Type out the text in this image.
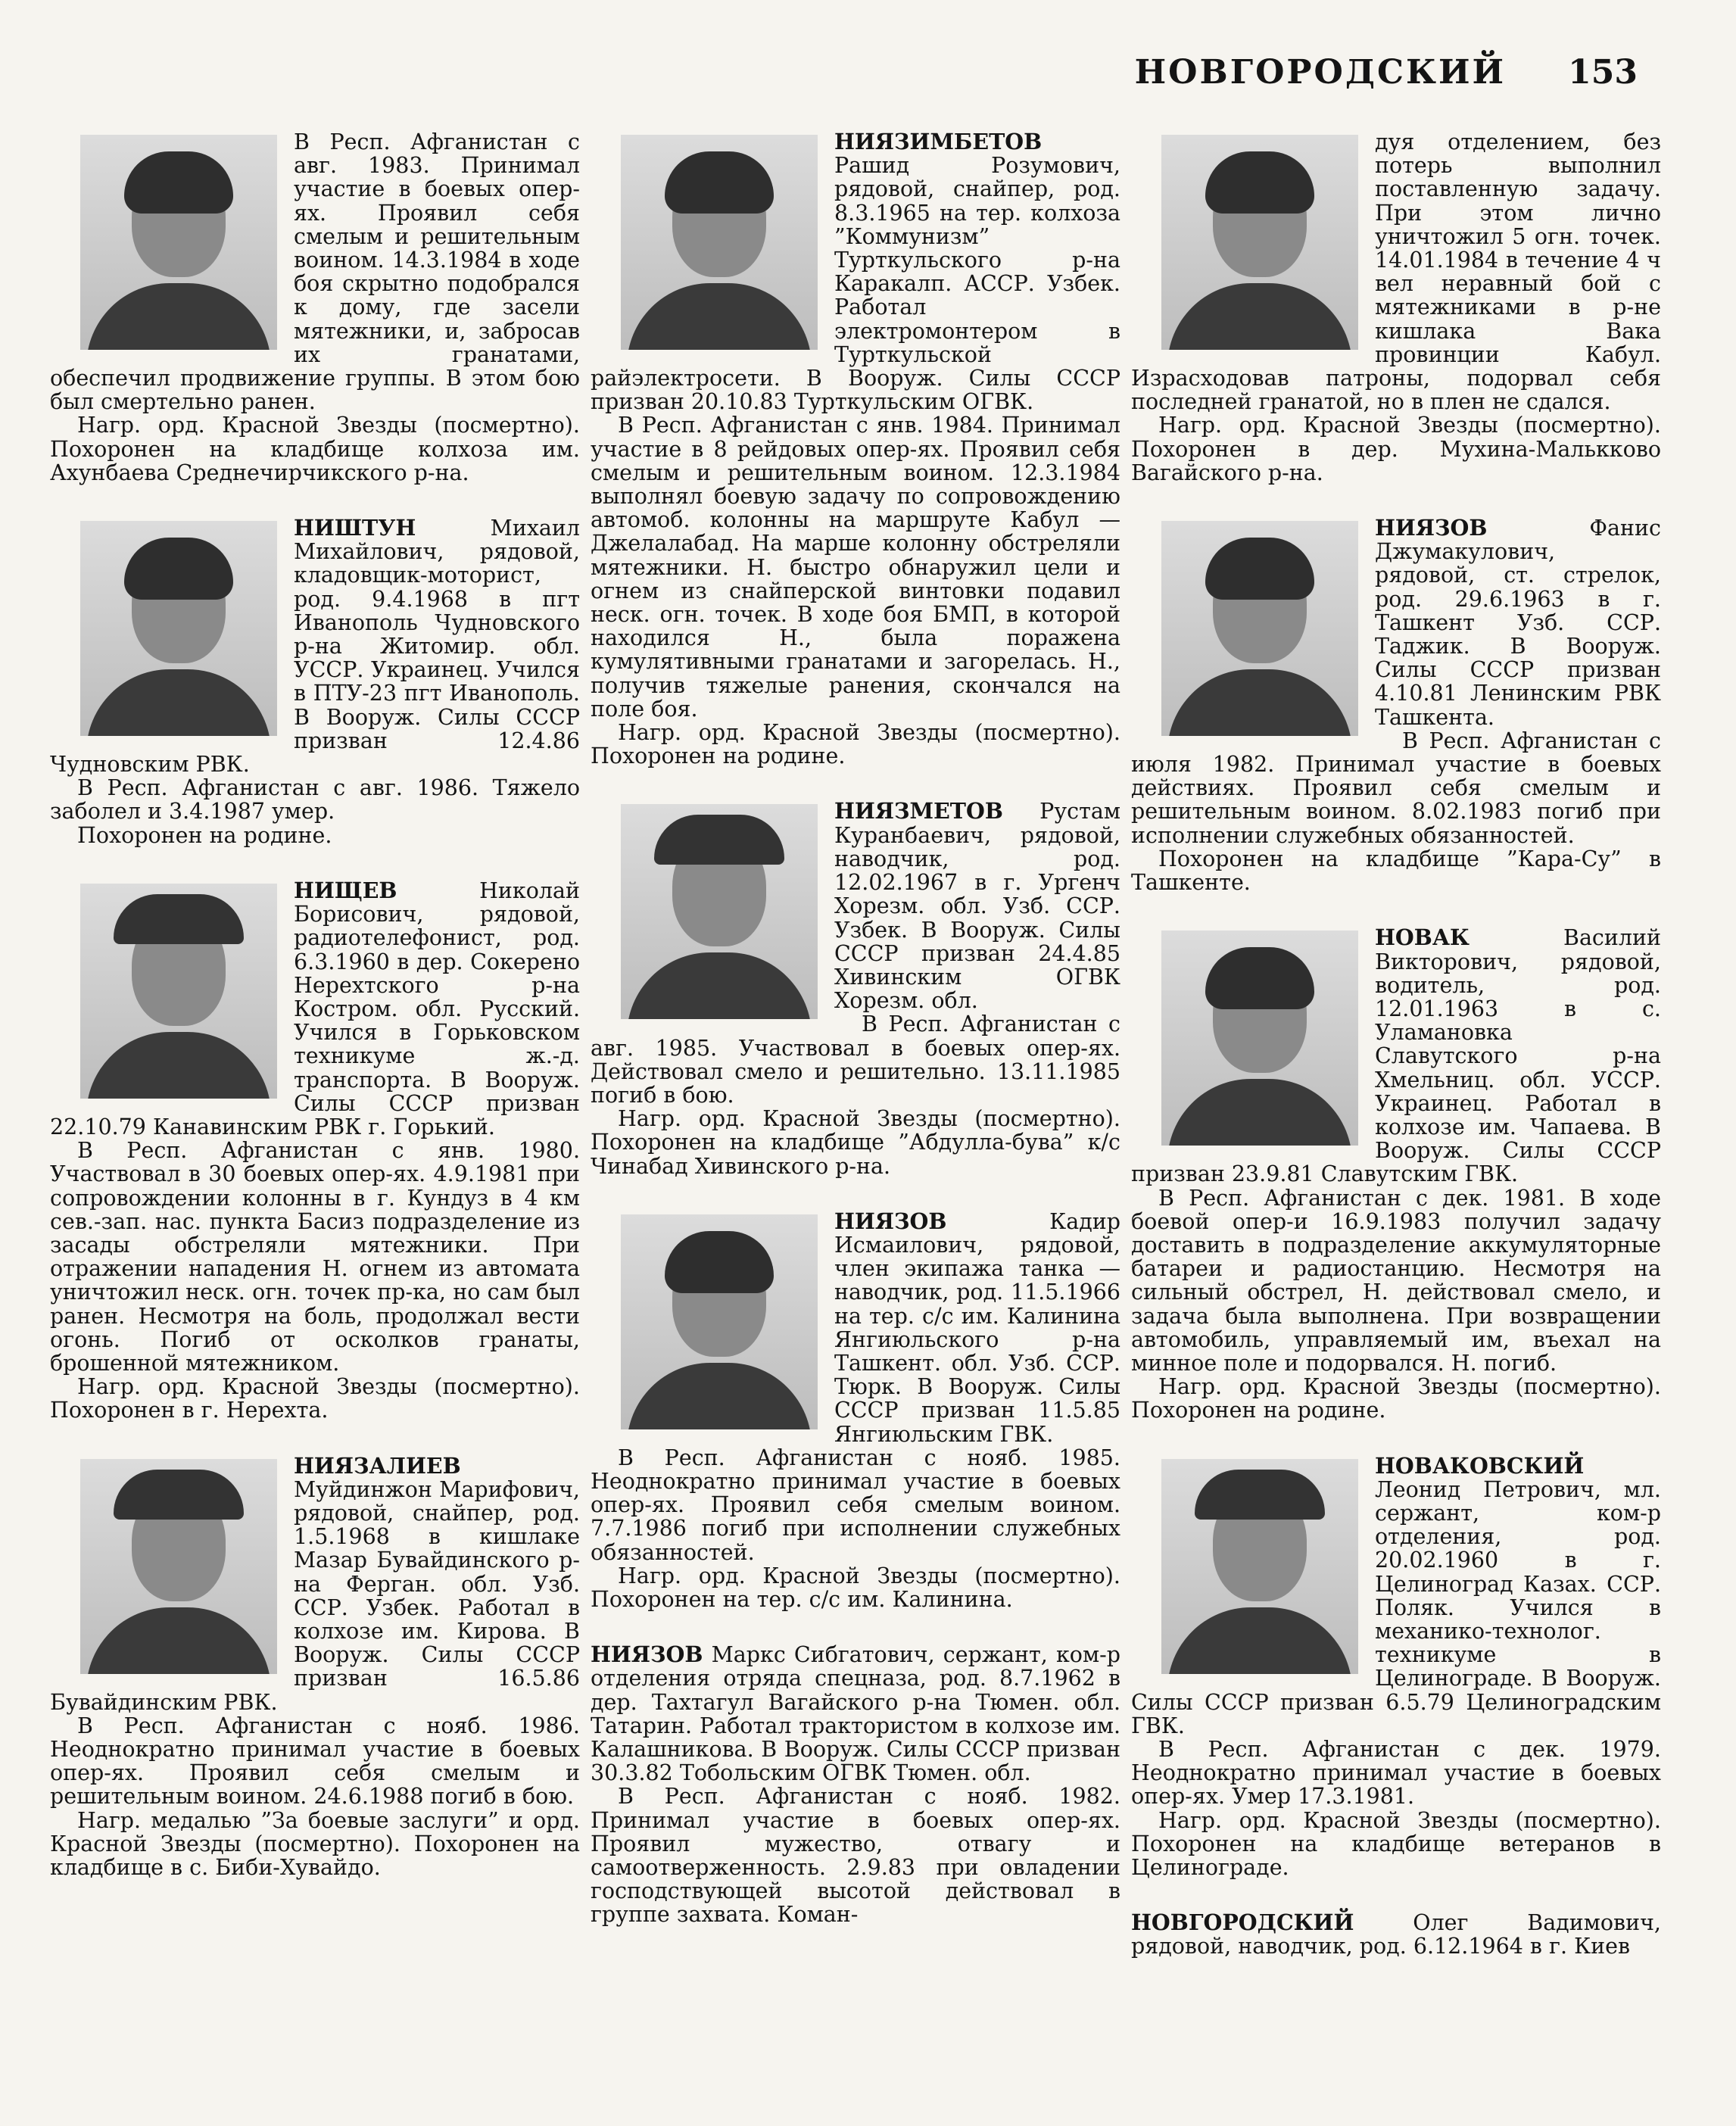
НОВГОРОДСКИЙ 153

В Респ. Афганистан с авг. 1983. Принимал участие в боевых опер-ях. Проявил себя смелым и решительным воином. 14.3.1984 в ходе боя скрытно подобрался к дому, где засели мятежники, и, забросав их гранатами, обеспечил продвижение группы. В этом бою был смертельно ранен.

Нагр. орд. Красной Звезды (посмертно). Похоронен на кладбище колхоза им. Ахунбаева Среднечирчикского р-на.

НИШТУН	Михаил Михайлович, рядовой, кладовщик-моторист, род. 9.4.1968 в пгт Иванополь Чудновского р-на Житомир. обл. УССР. Украинец. Учился в ПТУ-23 пгт Иванополь. В Вооруж. Силы СССР призван 12.4.86 Чудновским РВК.

В Респ. Афганистан с авг. 1986. Тяжело заболел и 3.4.1987 умер.

Похоронен на родине.

НИЩЕВ	Николай Борисович, рядовой, радиотелефонист, род. 6.3.1960 в дер. Сокерено Нерехтского р-на Костром. обл. Русский. Учился в Горьковском техникуме ж.-д. транспорта. В Вооруж. Силы СССР призван 22.10.79 Канавинским РВК г. Горький.

В Респ. Афганистан с янв. 1980. Участвовал в 30 боевых опер-ях. 4.9.1981 при сопровождении колонны в г. Кундуз в 4 км сев.-зап. нас. пункта Басиз подразделение из засады обстреляли мятежники. При отражении нападения Н. огнем из автомата уничтожил неск. огн. точек пр-ка, но сам был ранен. Несмотря на боль, продолжал вести огонь. Погиб от осколков гранаты, брошенной мятежником.

Нагр. орд. Красной Звезды (посмертно). Похоронен в г. Нерехта.

НИЯЗАЛИЕВ Муйдинжон Марифович, рядовой, снайпер, род. 1.5.1968 в кишлаке Мазар Бувайдинского р-на Ферган. обл. Узб. ССР. Узбек. Работал в колхозе им. Кирова. В Вооруж. Силы СССР призван 16.5.86 Бувайдинским РВК.

В Респ. Афганистан с нояб. 1986. Неоднократно принимал участие в боевых опер-ях. Проявил себя смелым и решительным воином. 24.6.1988 погиб в бою.

Нагр. медалью ”За боевые заслуги” и орд. Красной Звезды (посмертно). Похоронен на кладбище в с. Биби-Хувайдо.

НИЯЗИМБЕТОВ Рашид Розумович, рядовой, снайпер, род. 8.3.1965 на тер. колхоза ”Коммунизм” Турткульского р-на Каракалп. АССР. Узбек. Работал электромонтером в Турткульской райэлектросети. В Вооруж. Силы СССР призван 20.10.83 Турткульским ОГВК.

В Респ. Афганистан с янв. 1984. Принимал участие в 8 рейдовых опер-ях. Проявил себя смелым и решительным воином. 12.3.1984 выполнял боевую задачу по сопровождению автомоб. колонны на маршруте Кабул — Джелалабад. На марше колонну обстреляли мятежники. Н. быстро обнаружил цели и огнем из снайперской винтовки подавил неск. огн. точек. В ходе боя БМП, в которой находился Н., была поражена кумулятивными гранатами и загорелась. Н., получив тяжелые ранения, скончался на поле боя.

Нагр. орд. Красной Звезды (посмертно). Похоронен на родине.

НИЯЗМЕТОВ Рустам Куранбаевич, рядовой, наводчик, род. 12.02.1967 в г. Ургенч Хорезм. обл. Узб. ССР. Узбек. В Вооруж. Силы СССР призван 24.4.85 Хивинским ОГВК Хорезм. обл.

В Респ. Афганистан с авг. 1985. Участвовал в боевых опер-ях. Действовал смело и решительно. 13.11.1985 погиб в бою.

Нагр. орд. Красной Звезды (посмертно). Похоронен на кладбище ”Абдулла-бува” к/с Чинабад Хивинского р-на.

НИЯЗОВ	Кадир Исмаилович, рядовой, член экипажа танка — наводчик, род. 11.5.1966 на тер. с/с им. Калинина Янгиюльского р-на Ташкент. обл. Узб. ССР. Тюрк. В Вооруж. Силы СССР призван 11.5.85 Янгиюльским ГВК.

В Респ. Афганистан с нояб. 1985. Неоднократно принимал участие в боевых опер-ях. Проявил себя смелым воином. 7.7.1986 погиб при исполнении служебных обязанностей.

Нагр. орд. Красной Звезды (посмертно). Похоронен на тер. с/с им. Калинина.

НИЯЗОВ Маркс Сибгатович, сержант, ком-р отделения отряда спецназа, род. 8.7.1962 в дер. Тахтагул Вагайского р-на Тюмен. обл. Татарин. Работал трактористом в колхозе им. Калашникова. В Вооруж. Силы СССР призван 30.3.82 Тобольским ОГВК Тюмен. обл.

В Респ. Афганистан с нояб. 1982. Принимал участие в боевых опер-ях. Проявил мужество, отвагу и самоотверженность. 2.9.83 при овладении господствующей высотой действовал в группе захвата. Коман-

дуя отделением, без потерь выполнил поставленную задачу. При этом лично уничтожил 5 огн. точек. 14.01.1984 в течение 4 ч вел неравный бой с мятежниками в р-не кишлака Вака провинции Кабул. Израсходовав патроны, подорвал себя последней гранатой, но в плен не сдался.

Нагр. орд. Красной Звезды (посмертно). Похоронен в дер. Мухина-Малькково Вагайского р-на.

НИЯЗОВ	Фанис Джумакулович, рядовой, ст. стрелок, род. 29.6.1963 в г. Ташкент Узб. ССР. Таджик. В Вооруж. Силы СССР призван 4.10.81 Ленинским РВК Ташкента.

В Респ. Афганистан с июля 1982. Принимал участие в боевых действиях. Проявил себя смелым и решительным воином. 8.02.1983 погиб при исполнении служебных обязанностей.

Похоронен на кладбище ”Кара-Су” в Ташкенте.

НОВАК	Василий Викторович, рядовой, водитель, род. 12.01.1963 в с. Уламановка Славутского р-на Хмельниц. обл. УССР. Украинец. Работал в колхозе им. Чапаева. В Вооруж. Силы СССР призван 23.9.81 Славутским ГВК.

В Респ. Афганистан с дек. 1981. В ходе боевой опер-и 16.9.1983 получил задачу доставить в подразделение аккумуляторные батареи и радиостанцию. Несмотря на сильный обстрел, Н. действовал смело, и задача была выполнена. При возвращении автомобиль, управляемый им, въехал на минное поле и подорвался. Н. погиб.

Нагр. орд. Красной Звезды (посмертно). Похоронен на родине.

НОВАКОВСКИЙ Леонид Петрович, мл. сержант, ком-р отделения, род. 20.02.1960 в г. Целиноград Казах. ССР. Поляк. Учился в механико-технолог. техникуме в Целинограде. В Вооруж. Силы СССР призван 6.5.79 Целиноградским ГВК.

В Респ. Афганистан с дек. 1979. Неоднократно принимал участие в боевых опер-ях. Умер 17.3.1981.

Нагр. орд. Красной Звезды (посмертно). Похоронен на кладбище ветеранов в Целинограде.

НОВГОРОДСКИЙ	Олег Вадимович, рядовой, наводчик, род. 6.12.1964 в г. Киев
